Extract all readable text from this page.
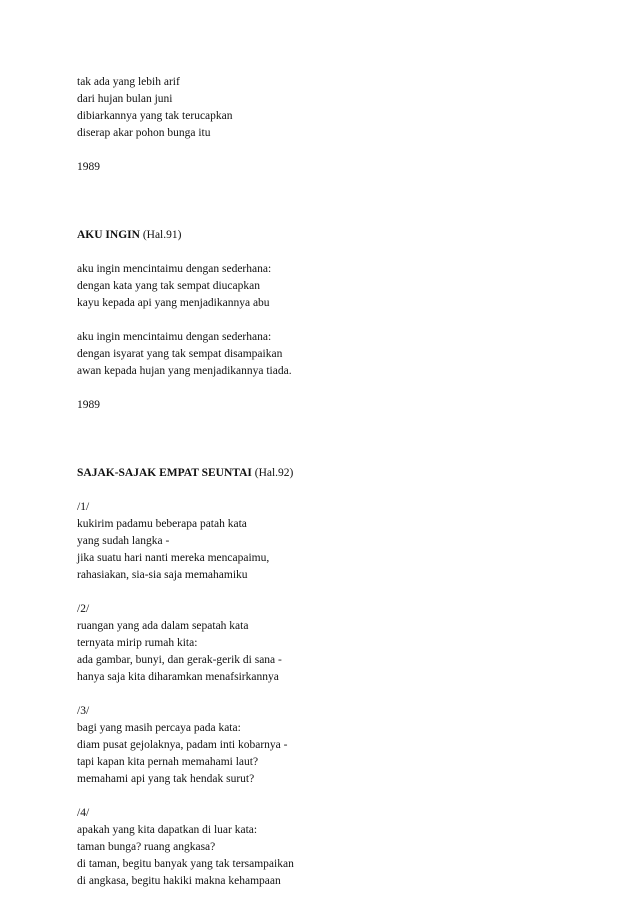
tak ada yang lebih arif
dari hujan bulan juni
dibiarkannya yang tak terucapkan
diserap akar pohon bunga itu
1989
AKU INGIN (Hal.91)
aku ingin mencintaimu dengan sederhana:
dengan kata yang tak sempat diucapkan
kayu kepada api yang menjadikannya abu
aku ingin mencintaimu dengan sederhana:
dengan isyarat yang tak sempat disampaikan
awan kepada hujan yang menjadikannya tiada.
1989
SAJAK-SAJAK EMPAT SEUNTAI (Hal.92)
/1/
kukirim padamu beberapa patah kata
yang sudah langka -
jika suatu hari nanti mereka mencapaimu,
rahasiakan, sia-sia saja memahamiku
/2/
ruangan yang ada dalam sepatah kata
ternyata mirip rumah kita:
ada gambar, bunyi, dan gerak-gerik di sana -
hanya saja kita diharamkan menafsirkannya
/3/
bagi yang masih percaya pada kata:
diam pusat gejolaknya, padam inti kobarnya -
tapi kapan kita pernah memahami laut?
memahami api yang tak hendak surut?
/4/
apakah yang kita dapatkan di luar kata:
taman bunga? ruang angkasa?
di taman, begitu banyak yang tak tersampaikan
di angkasa, begitu hakiki makna kehampaan
